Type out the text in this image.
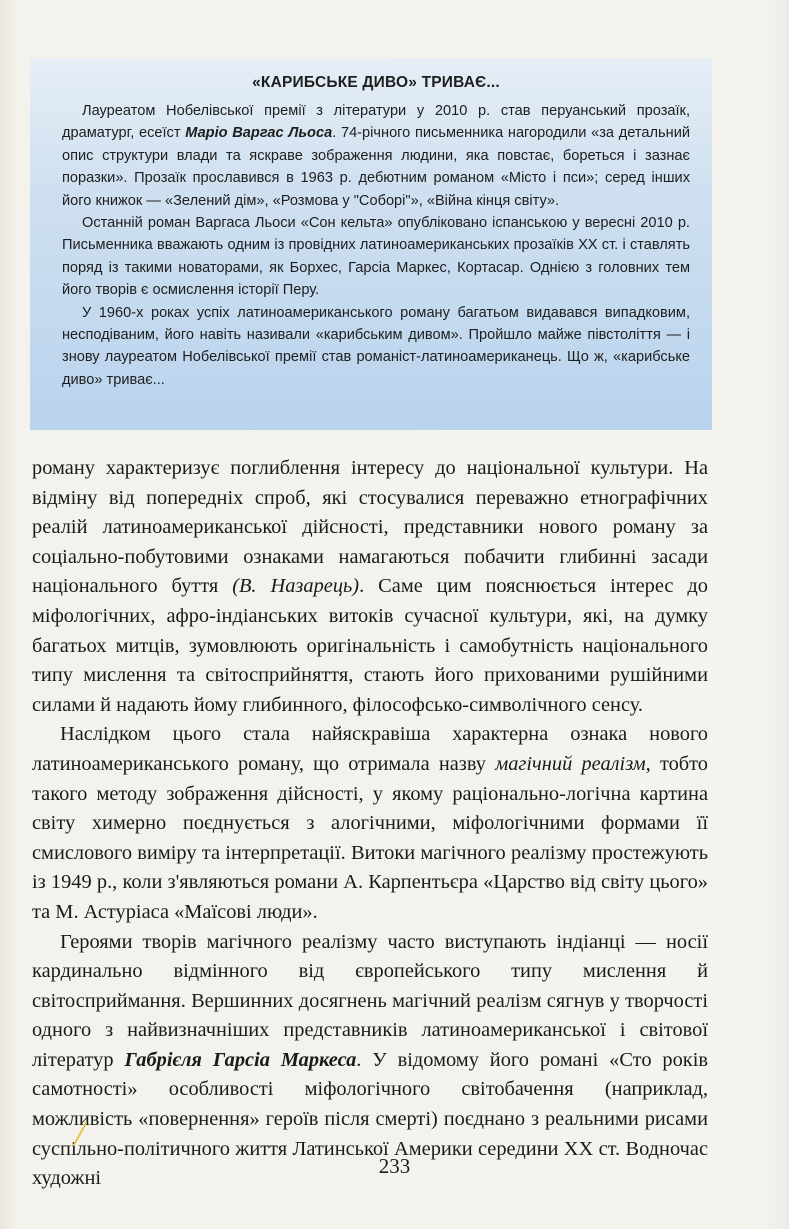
«КАРИБСЬКЕ ДИВО» ТРИВАЄ...

Лауреатом Нобелівської премії з літератури у 2010 р. став перуанський прозаїк, драматург, есеїст Маріо Варгас Льоса. 74-річного письменника нагородили «за детальний опис структури влади та яскраве зображення людини, яка повстає, бореться і зазнає поразки». Прозаїк прославився в 1963 р. дебютним романом «Місто і пси»; серед інших його книжок — «Зелений дім», «Розмова у "Соборі"», «Війна кінця світу».

Останній роман Варгаса Льоси «Сон кельта» опубліковано іспанською у вересні 2010 р. Письменника вважають одним із провідних латиноамериканських прозаїків XX ст. і ставлять поряд із такими новаторами, як Борхес, Гарсіа Маркес, Кортасар. Однією з головних тем його творів є осмислення історії Перу.

У 1960-х роках успіх латиноамериканського роману багатьом видавався випадковим, несподіваним, його навіть називали «карибським дивом». Пройшло майже півстоліття — і знову лауреатом Нобелівської премії став романіст-латиноамериканець. Що ж, «карибське диво» триває...

роману характеризує поглиблення інтересу до національної культури. На відміну від попередніх спроб, які стосувалися переважно етнографічних реалій латиноамериканської дійсності, представники нового роману за соціально-побутовими ознаками намагаються побачити глибинні засади національного буття (В. Назарець). Саме цим пояснюється інтерес до міфологічних, афро-індіанських витоків сучасної культури, які, на думку багатьох митців, зумовлюють оригінальність і самобутність національного типу мислення та світосприйняття, стають його прихованими рушійними силами й надають йому глибинного, філософсько-символічного сенсу.

Наслідком цього стала найяскравіша характерна ознака нового латиноамериканського роману, що отримала назву магічний реалізм, тобто такого методу зображення дійсності, у якому раціонально-логічна картина світу химерно поєднується з алогічними, міфологічними формами її смислового виміру та інтерпретації. Витоки магічного реалізму простежують із 1949 р., коли з'являються романи А. Карпентьєра «Царство від світу цього» та М. Астуріаса «Маїсові люди».

Героями творів магічного реалізму часто виступають індіанці — носії кардинально відмінного від європейського типу мислення й світосприймання. Вершинних досягнень магічний реалізм сягнув у творчості одного з найвизначніших представників латиноамериканської і світової літератур Габрієля Гарсіа Маркеса. У відомому його романі «Сто років самотності» особливості міфологічного світобачення (наприклад, можливість «повернення» героїв після смерті) поєднано з реальними рисами суспільно-політичного життя Латинської Америки середини XX ст. Водночас художні

233
